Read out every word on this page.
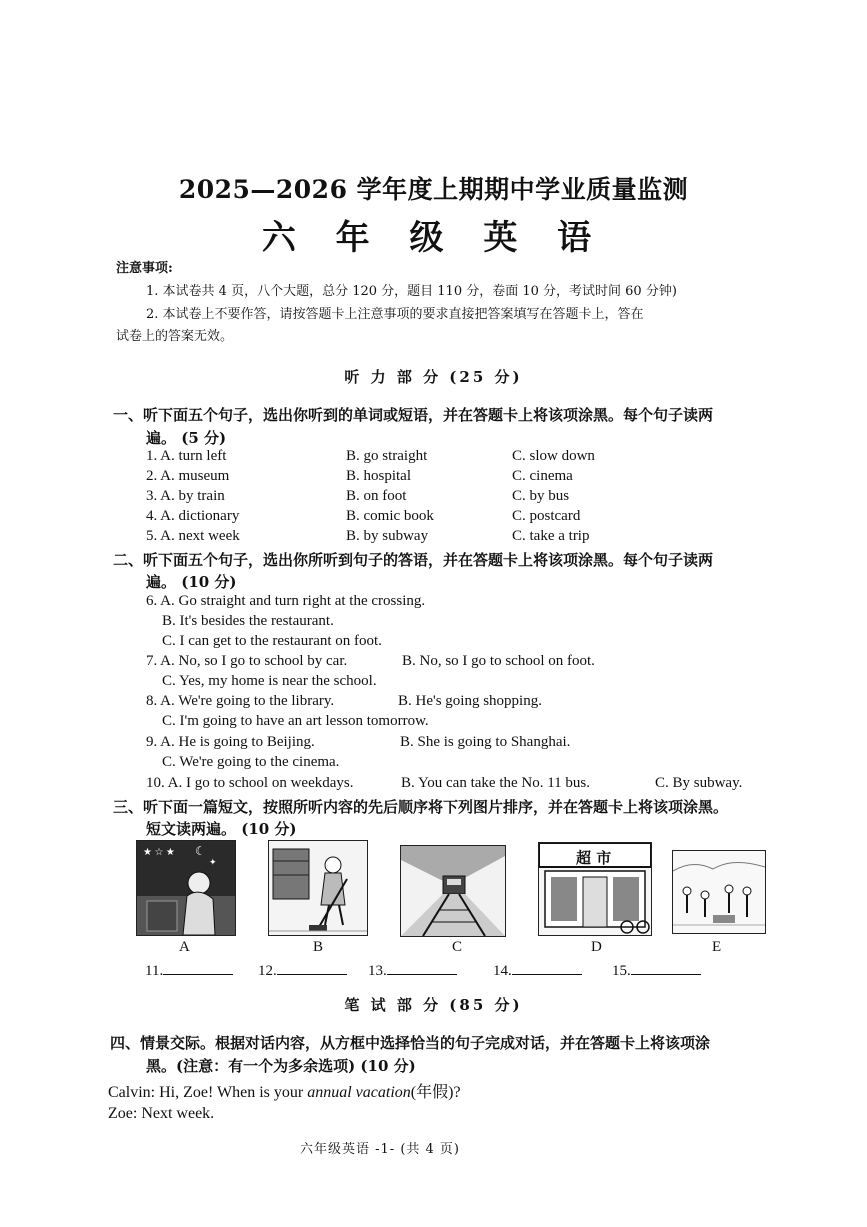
2025—2026 学年度上期期中学业质量监测
六 年 级 英 语
注意事项:
1. 本试卷共 4 页，八个大题，总分 120 分，题目 110 分，卷面 10 分，考试时间 60 分钟)
2. 本试卷上不要作答，请按答题卡上注意事项的要求直接把答案填写在答题卡上，答在
试卷上的答案无效。
听 力 部 分 (25 分)
一、听下面五个句子，选出你听到的单词或短语，并在答题卡上将该项涂黑。每个句子读两
遍。 (5 分)
1. A. turn left	B. go straight	C. slow down
2. A. museum	B. hospital	C. cinema
3. A. by train	B. on foot	C. by bus
4. A. dictionary	B. comic book	C. postcard
5. A. next week	B. by subway	C. take a trip
二、听下面五个句子，选出你所听到句子的答语，并在答题卡上将该项涂黑。每个句子读两
遍。 (10 分)
6. A. Go straight and turn right at the crossing.
B. It's besides the restaurant.
C. I can get to the restaurant on foot.
7. A. No, so I go to school by car.	B. No, so I go to school on foot.
C. Yes, my home is near the school.
8. A. We're going to the library.	B. He's going shopping.
C. I'm going to have an art lesson tomorrow.
9. A. He is going to Beijing.	B. She is going to Shanghai.
C. We're going to the cinema.
10. A. I go to school on weekdays.	B. You can take the No. 11 bus.	C. By subway.
三、听下面一篇短文，按照所听内容的先后顺序将下列图片排序，并在答题卡上将该项涂黑。
短文读两遍。 (10 分)
★ ☆ ★ ☾
✦
A	B	C
超 市
D	E
11.	12.	13.	14.	15.
笔 试 部 分 (85 分)
四、情景交际。根据对话内容，从方框中选择恰当的句子完成对话，并在答题卡上将该项涂
黑。(注意：有一个为多余选项) (10 分)
Calvin: Hi, Zoe! When is your annual vacation(年假)?
Zoe: Next week.
六年级英语 -1- (共 4 页)
